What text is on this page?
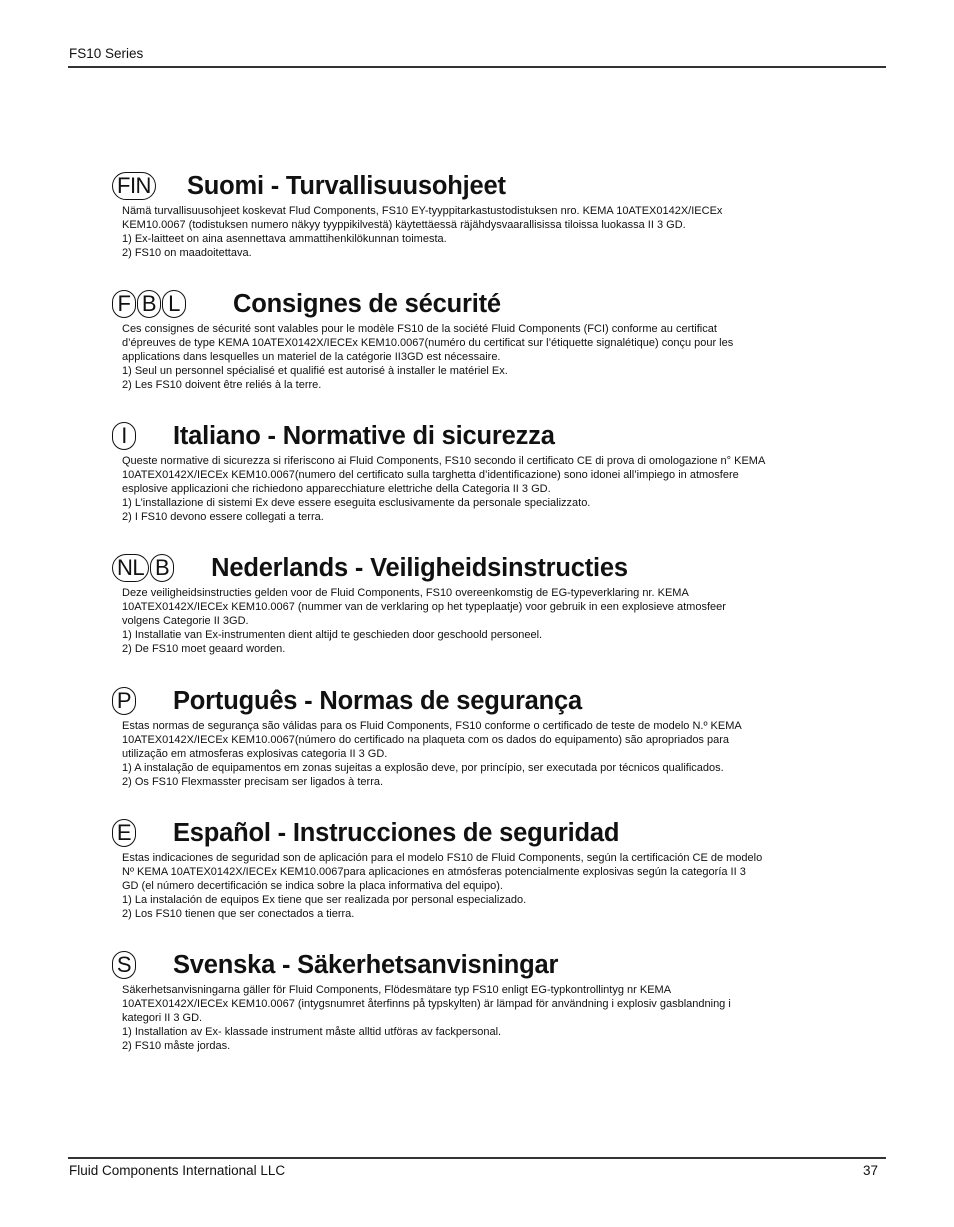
FS10 Series
FIN Suomi - Turvallisuusohjeet

Nämä turvallisuusohjeet koskevat Flud Components, FS10 EY-tyyppitarkastustodistuksen nro. KEMA 10ATEX0142X/IECEx

KEM10.0067 (todistuksen numero näkyy tyyppikilvestä) käytettäessä räjähdysvaarallisissa tiloissa luokassa II 3 GD.

1) Ex-laitteet on aina asennettava ammattihenkilökunnan toimesta.

2) FS10 on maadoitettava.

F B L Consignes de sécurité

Ces consignes de sécurité sont valables pour le modèle FS10 de la société Fluid Components (FCI) conforme au certificat

d’épreuves de type KEMA 10ATEX0142X/IECEx KEM10.0067(numéro du certificat sur l’étiquette signalétique) conçu pour les

applications dans lesquelles un materiel de la catégorie II3GD est nécessaire.

1) Seul un personnel spécialisé et qualifié est autorisé à installer le matériel Ex.

2) Les FS10 doivent être reliés à la terre.

I	Italiano - Normative di sicurezza

Queste normative di sicurezza si riferiscono ai Fluid Components, FS10 secondo il certificato CE di prova di omologazione n° KEMA

10ATEX0142X/IECEx KEM10.0067(numero del certificato sulla targhetta d’identificazione) sono idonei all’impiego in atmosfere

esplosive applicazioni che richiedono apparecchiature elettriche della Categoria II 3 GD.

1) L’installazione di sistemi Ex deve essere eseguita esclusivamente da personale specializzato.

2) I FS10 devono essere collegati a terra.

NL B Nederlands - Veiligheidsinstructies

Deze veiligheidsinstructies gelden voor de Fluid Components, FS10 overeenkomstig de EG-typeverklaring nr. KEMA

10ATEX0142X/IECEx KEM10.0067 (nummer van de verklaring op het typeplaatje) voor gebruik in een explosieve atmosfeer

volgens Categorie II 3GD.

1) Installatie van Ex-instrumenten dient altijd te geschieden door geschoold personeel.

2) De FS10 moet geaard worden.

P Português - Normas de segurança

Estas normas de segurança são válidas para os Fluid Components, FS10 conforme o certificado de teste de modelo N.º KEMA

10ATEX0142X/IECEx KEM10.0067(número do certificado na plaqueta com os dados do equipamento) são apropriados para

utilização em atmosferas explosivas categoria II 3 GD.

1) A instalação de equipamentos em zonas sujeitas a explosão deve, por princípio, ser executada por técnicos qualificados.

2) Os FS10 Flexmasster precisam ser ligados à terra.

E Español - Instrucciones de seguridad

Estas indicaciones de seguridad son de aplicación para el modelo FS10 de Fluid Components, según la certificación CE de modelo

Nº KEMA 10ATEX0142X/IECEx KEM10.0067para aplicaciones en atmósferas potencialmente explosivas según la categoría II 3

GD (el número decertificación se indica sobre la placa informativa del equipo).

1) La instalación de equipos Ex tiene que ser realizada por personal especializado.

2) Los FS10 tienen que ser conectados a tierra.

S Svenska - Säkerhetsanvisningar

Säkerhetsanvisningarna gäller för Fluid Components, Flödesmätare typ FS10 enligt EG-typkontrollintyg nr KEMA

10ATEX0142X/IECEx KEM10.0067 (intygsnumret återfinns på typskylten) är lämpad för användning i explosiv gasblandning i

kategori II 3 GD.

1) Installation av Ex- klassade instrument måste alltid utföras av fackpersonal.

2) FS10 måste jordas.

Fluid Components International LLC	37
